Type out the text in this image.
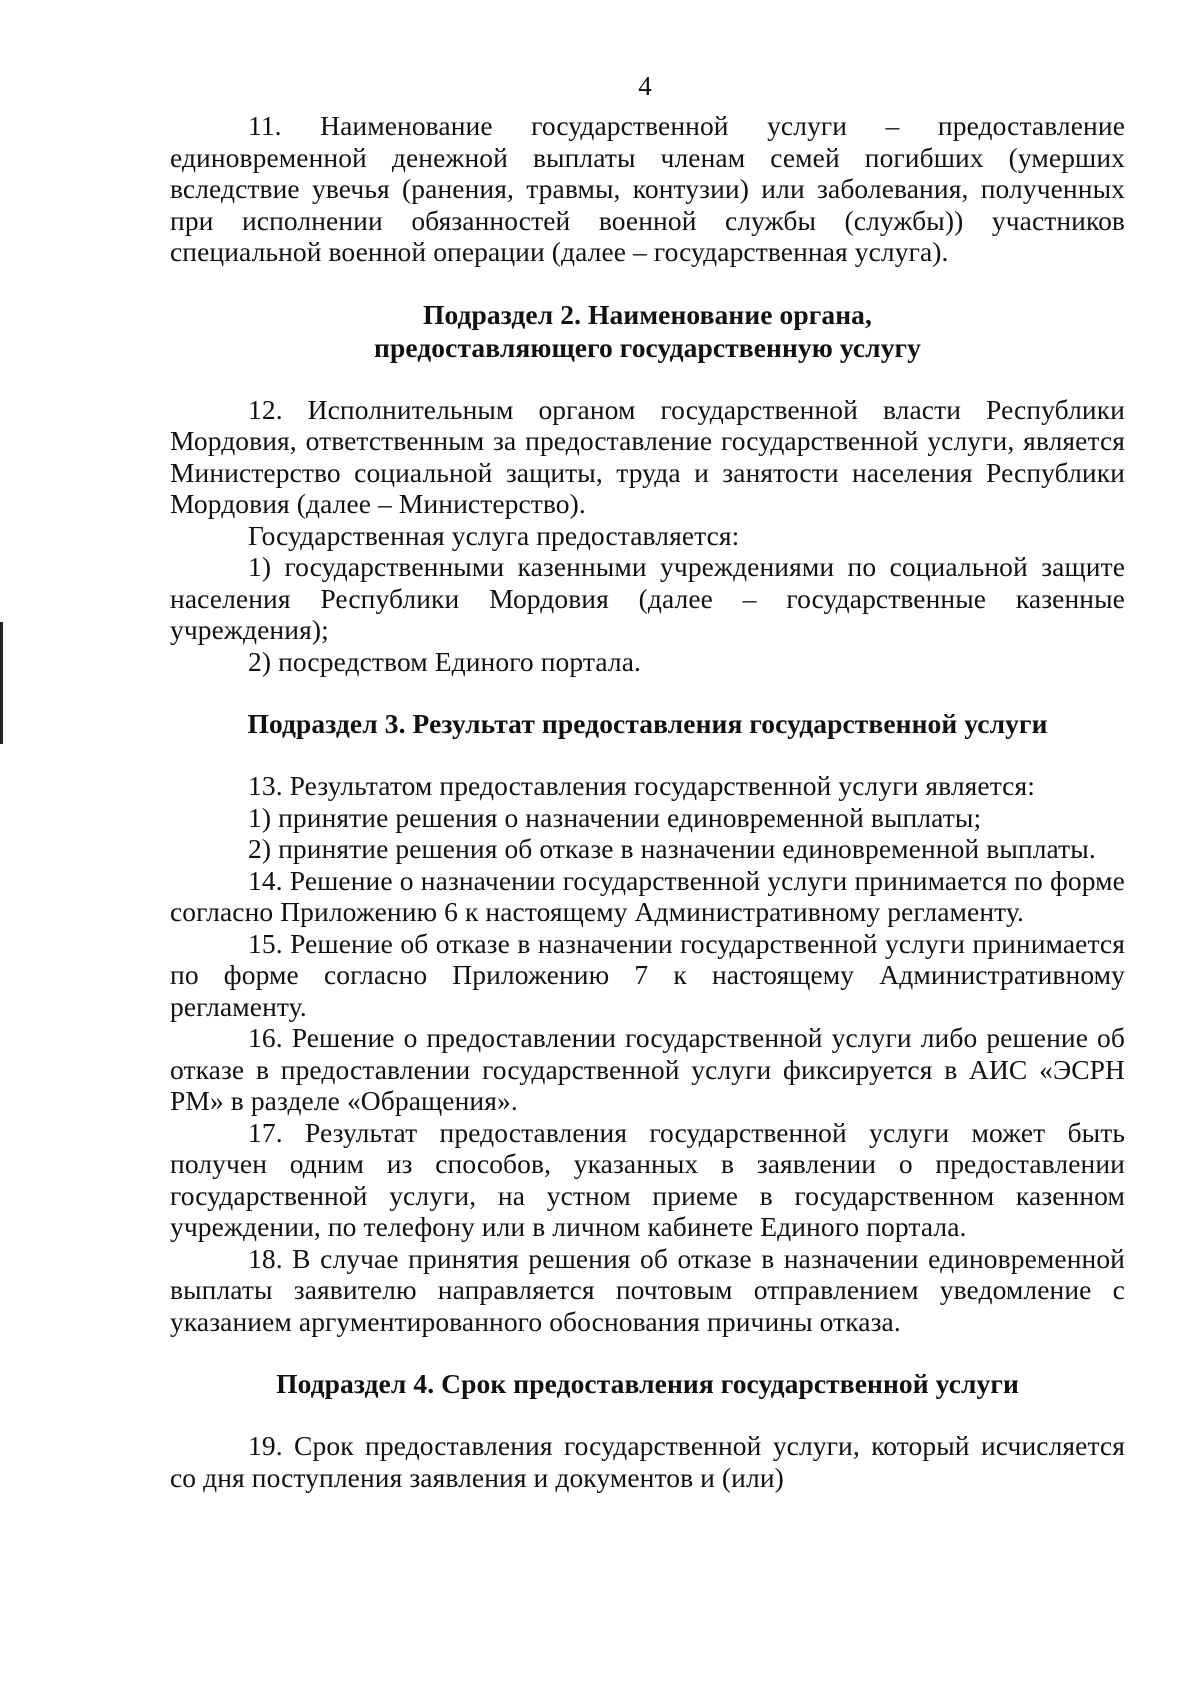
4

11. Наименование государственной услуги – предоставление единовременной денежной выплаты членам семей погибших (умерших вследствие увечья (ранения, травмы, контузии) или заболевания, полученных при исполнении обязанностей военной службы (службы)) участников специальной военной операции (далее – государственная услуга).

Подраздел 2. Наименование органа, предоставляющего государственную услугу

12. Исполнительным органом государственной власти Республики Мордовия, ответственным за предоставление государственной услуги, является Министерство социальной защиты, труда и занятости населения Республики Мордовия (далее – Министерство).

Государственная услуга предоставляется:

1) государственными казенными учреждениями по социальной защите населения Республики Мордовия (далее – государственные казенные учреждения);

2) посредством Единого портала.

Подраздел 3. Результат предоставления государственной услуги

13. Результатом предоставления государственной услуги является:

1) принятие решения о назначении единовременной выплаты;

2) принятие решения об отказе в назначении единовременной выплаты.

14. Решение о назначении государственной услуги принимается по форме согласно Приложению 6 к настоящему Административному регламенту.

15. Решение об отказе в назначении государственной услуги принимается по форме согласно Приложению 7 к настоящему Административному регламенту.

16. Решение о предоставлении государственной услуги либо решение об отказе в предоставлении государственной услуги фиксируется в АИС «ЭСРН РМ» в разделе «Обращения».

17. Результат предоставления государственной услуги может быть получен одним из способов, указанных в заявлении о предоставлении государственной услуги, на устном приеме в государственном казенном учреждении, по телефону или в личном кабинете Единого портала.

18. В случае принятия решения об отказе в назначении единовременной выплаты заявителю направляется почтовым отправлением уведомление с указанием аргументированного обоснования причины отказа.

Подраздел 4. Срок предоставления государственной услуги

19. Срок предоставления государственной услуги, который исчисляется со дня поступления заявления и документов и (или)
